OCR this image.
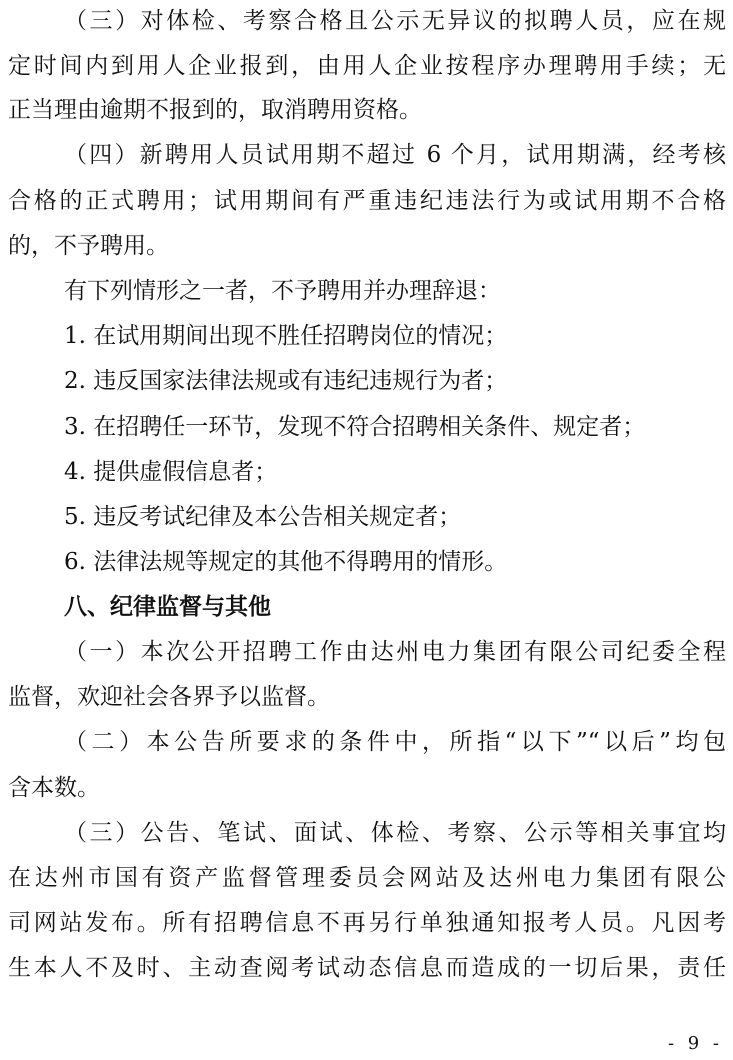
（三）对体检、考察合格且公示无异议的拟聘人员，应在规
定时间内到用人企业报到，由用人企业按程序办理聘用手续；无
正当理由逾期不报到的，取消聘用资格。
（四）新聘用人员试用期不超过 6 个月，试用期满，经考核
合格的正式聘用；试用期间有严重违纪违法行为或试用期不合格
的，不予聘用。
有下列情形之一者，不予聘用并办理辞退：
1. 在试用期间出现不胜任招聘岗位的情况；
2. 违反国家法律法规或有违纪违规行为者；
3. 在招聘任一环节，发现不符合招聘相关条件、规定者；
4. 提供虚假信息者；
5. 违反考试纪律及本公告相关规定者；
6. 法律法规等规定的其他不得聘用的情形。
八、纪律监督与其他
（一）本次公开招聘工作由达州电力集团有限公司纪委全程
监督，欢迎社会各界予以监督。
（二）本公告所要求的条件中，所指“以下”“以后”均包
含本数。
（三）公告、笔试、面试、体检、考察、公示等相关事宜均
在达州市国有资产监督管理委员会网站及达州电力集团有限公
司网站发布。所有招聘信息不再另行单独通知报考人员。凡因考
生本人不及时、主动查阅考试动态信息而造成的一切后果，责任
- 9 -
